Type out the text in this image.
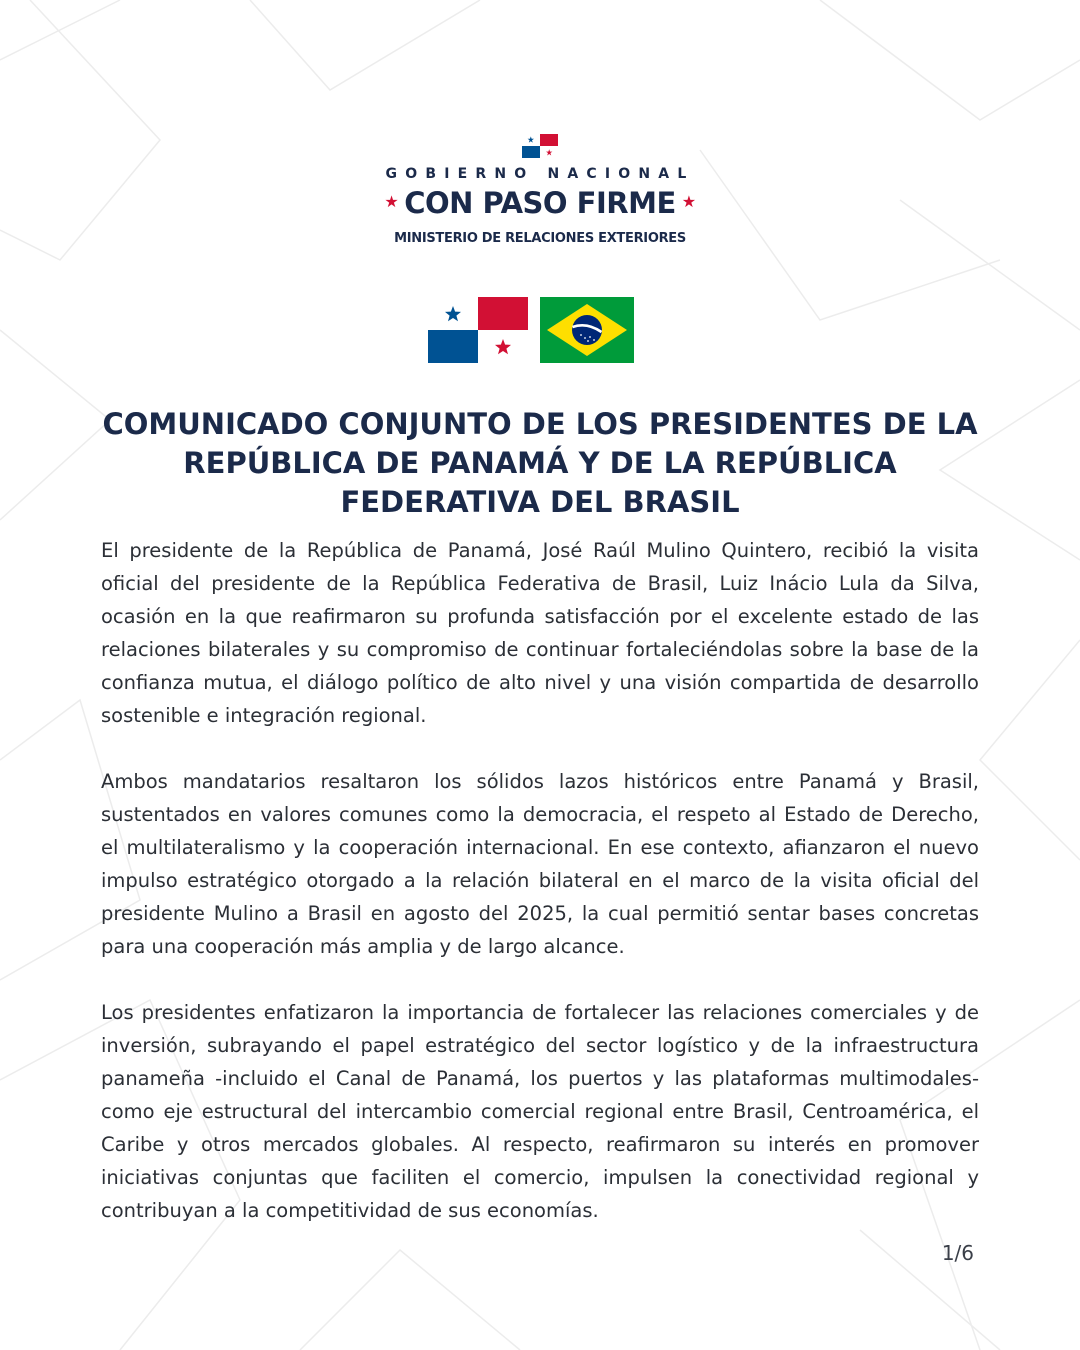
GOBIERNO NACIONAL
★ CON PASO FIRME ★
MINISTERIO DE RELACIONES EXTERIORES
COMUNICADO CONJUNTO DE LOS PRESIDENTES DE LA
REPÚBLICA DE PANAMÁ Y DE LA REPÚBLICA
FEDERATIVA DEL BRASIL

El presidente de la República de Panamá, José Raúl Mulino Quintero, recibió la visita oficial del presidente de la República Federativa de Brasil, Luiz Inácio Lula da Silva, ocasión en la que reafirmaron su profunda satisfacción por el excelente estado de las relaciones bilaterales y su compromiso de continuar fortaleciéndolas sobre la base de la confianza mutua, el diálogo político de alto nivel y una visión compartida de desarrollo sostenible e integración regional.

Ambos mandatarios resaltaron los sólidos lazos históricos entre Panamá y Brasil, sustentados en valores comunes como la democracia, el respeto al Estado de Derecho, el multilateralismo y la cooperación internacional. En ese contexto, afianzaron el nuevo impulso estratégico otorgado a la relación bilateral en el marco de la visita oficial del presidente Mulino a Brasil en agosto del 2025, la cual permitió sentar bases concretas para una cooperación más amplia y de largo alcance.

Los presidentes enfatizaron la importancia de fortalecer las relaciones comerciales y de inversión, subrayando el papel estratégico del sector logístico y de la infraestructura panameña -incluido el Canal de Panamá, los puertos y las plataformas multimodales- como eje estructural del intercambio comercial regional entre Brasil, Centroamérica, el Caribe y otros mercados globales. Al respecto, reafirmaron su interés en promover iniciativas conjuntas que faciliten el comercio, impulsen la conectividad regional y contribuyan a la competitividad de sus economías.

1/6
